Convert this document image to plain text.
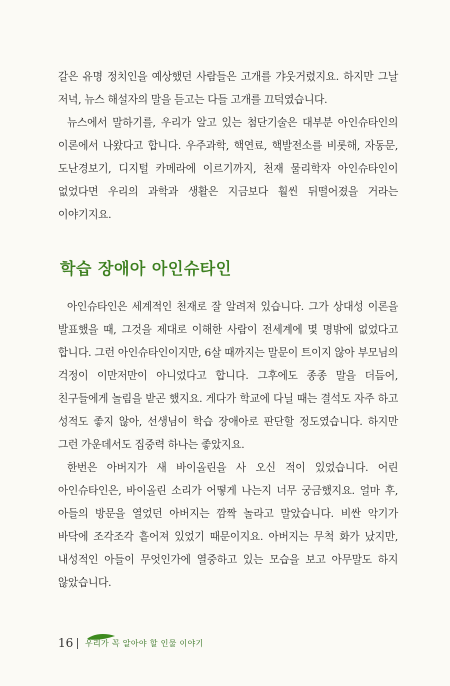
갈은 유명 정치인을 예상했던 사람들은 고개를 갸웃거렸지요. 하지만 그날 저녁, 뉴스 해설자의 말을 듣고는 다들 고개를 끄덕였습니다.

뉴스에서 말하기를, 우리가 알고 있는 첨단기술은 대부분 아인슈타인의 이론에서 나왔다고 합니다. 우주과학, 핵연료, 핵발전소를 비롯해, 자동문, 도난경보기, 디지털 카메라에 이르기까지, 천재 물리학자 아인슈타인이 없었다면 우리의 과학과 생활은 지금보다 훨씬 뒤떨어졌을 거라는 이야기지요.

학습 장애아 아인슈타인

아인슈타인은 세계적인 천재로 잘 알려져 있습니다. 그가 상대성 이론을 발표했을 때, 그것을 제대로 이해한 사람이 전세계에 몇 명밖에 없었다고 합니다. 그런 아인슈타인이지만, 6살 때까지는 말문이 트이지 않아 부모님의 걱정이 이만저만이 아니었다고 합니다. 그후에도 종종 말을 더듬어, 친구들에게 놀림을 받곤 했지요. 게다가 학교에 다닐 때는 결석도 자주 하고 성적도 좋지 않아, 선생님이 학습 장애아로 판단할 정도였습니다. 하지만 그런 가운데서도 집중력 하나는 좋았지요.

한번은 아버지가 새 바이올린을 사 오신 적이 있었습니다. 어린 아인슈타인은, 바이올린 소리가 어떻게 나는지 너무 궁금했지요. 얼마 후, 아들의 방문을 열었던 아버지는 깜짝 놀라고 말았습니다. 비싼 악기가 바닥에 조각조각 흩어져 있었기 때문이지요. 아버지는 무척 화가 났지만, 내성적인 아들이 무엇인가에 열중하고 있는 모습을 보고 아무말도 하지 않았습니다.

16 우리가 꼭 알아야 할 인물 이야기
